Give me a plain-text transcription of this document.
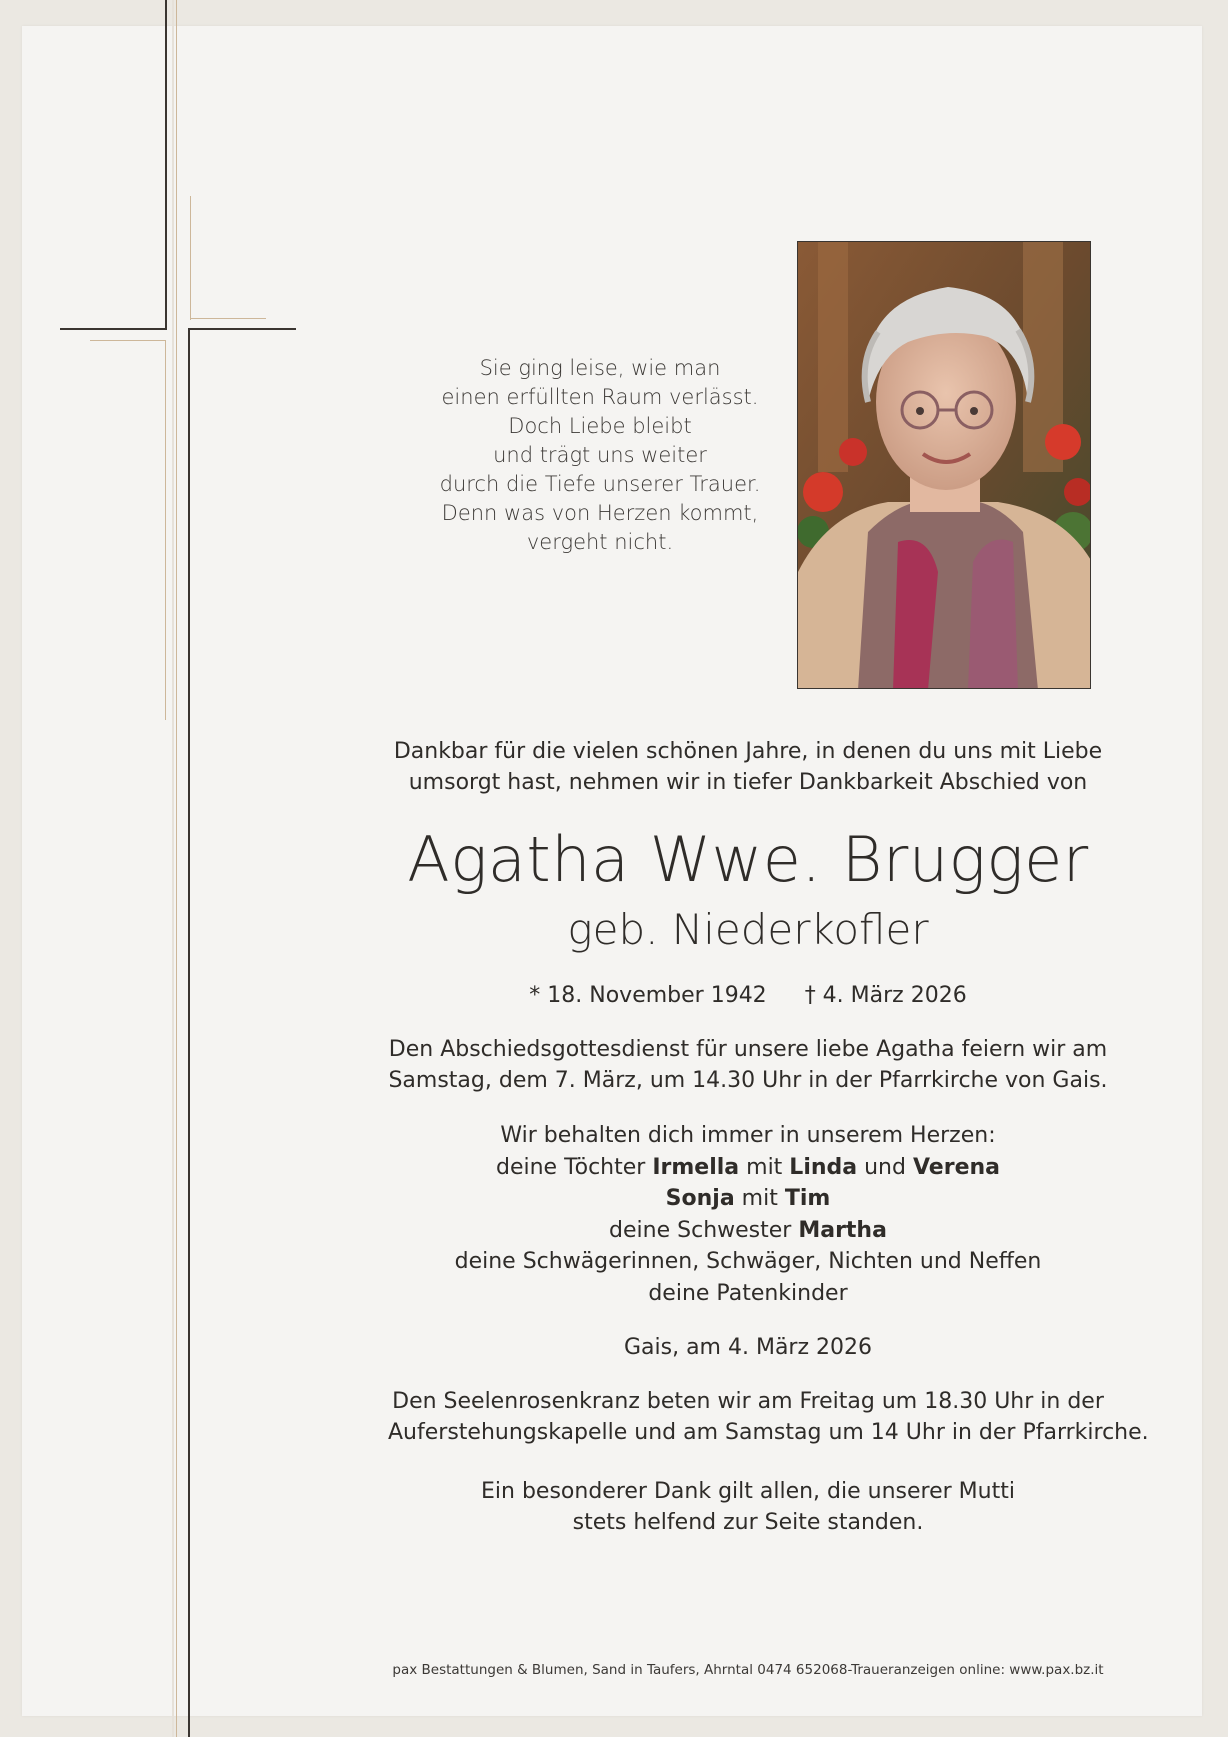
Sie ging leise, wie man
einen erfüllten Raum verlässt.
Doch Liebe bleibt
und trägt uns weiter
durch die Tiefe unserer Trauer.
Denn was von Herzen kommt,
vergeht nicht.
Dankbar für die vielen schönen Jahre, in denen du uns mit Liebe
umsorgt hast, nehmen wir in tiefer Dankbarkeit Abschied von
Agatha Wwe. Brugger
geb. Niederkofler
* 18. November 1942 † 4. März 2026
Den Abschiedsgottesdienst für unsere liebe Agatha feiern wir am
Samstag, dem 7. März, um 14.30 Uhr in der Pfarrkirche von Gais.
Wir behalten dich immer in unserem Herzen:
deine Töchter Irmella mit Linda und Verena
Sonja mit Tim
deine Schwester Martha
deine Schwägerinnen, Schwäger, Nichten und Neffen
deine Patenkinder
Gais, am 4. März 2026
Den Seelenrosenkranz beten wir am Freitag um 18.30 Uhr in der
Auferstehungskapelle und am Samstag um 14 Uhr in der Pfarrkirche.
Ein besonderer Dank gilt allen, die unserer Mutti
stets helfend zur Seite standen.
pax Bestattungen & Blumen, Sand in Taufers, Ahrntal 0474 652068-Traueranzeigen online: www.pax.bz.it
